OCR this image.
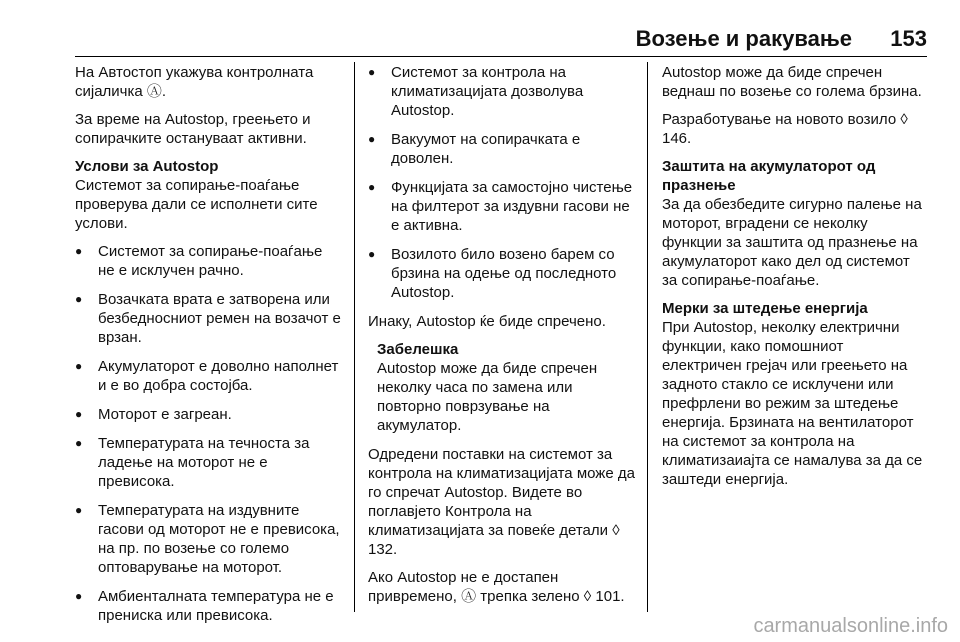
Возење и ракување 153

На Автостоп укажува контролната сијаличка Ⓐ.

За време на Autostop, греењето и сопирачките остануваат активни.

Услови за Autostop

Системот за сопирање-поаѓање проверува дали се исполнети сите услови.

● Системот за сопирање-поаѓање не е исклучен рачно.
● Возачката врата е затворена или безбедносниот ремен на возачот е врзан.
● Акумулаторот е доволно наполнет и е во добра состојба.
● Моторот е загреан.
● Температурата на течноста за ладење на моторот не е превисока.
● Температурата на издувните гасови од моторот не е превисока, на пр. по возење со големо оптоварување на моторот.
● Амбиенталната температура не е прениска или превисока.
● Системот за контрола на климатизацијата дозволува Autostop.
● Вакуумот на сопирачката е доволен.
● Функцијата за самостојно чистење на филтерот за издувни гасови не е активна.
● Возилото било возено барем со брзина на одење од последното Autostop.

Инаку, Autostop ќе биде спречено.

Забелешка
Autostop може да биде спречен неколку часа по замена или повторно поврзување на акумулатор.

Одредени поставки на системот за контрола на климатизацијата може да го спречат Autostop. Видете во поглавјето Контрола на климатизацијата за повеќе детали ◊ 132.

Ако Autostop не е достапен привремено, Ⓐ трепка зелено ◊ 101.

Autostop може да биде спречен веднаш по возење со голема брзина.

Разработување на новото возило ◊ 146.

Заштита на акумулаторот од празнење

За да обезбедите сигурно палење на моторот, вградени се неколку функции за заштита од празнење на акумулаторот како дел од системот за сопирање-поаѓање.

Мерки за штедење енергија

При Autostop, неколку електрични функции, како помошниот електричен грејач или греењето на задното стакло се исклучени или префрлени во режим за штедење енергија. Брзината на вентилаторот на системот за контрола на климатизаиајта се намалува за да се заштеди енергија.

carmanualsonline.info
